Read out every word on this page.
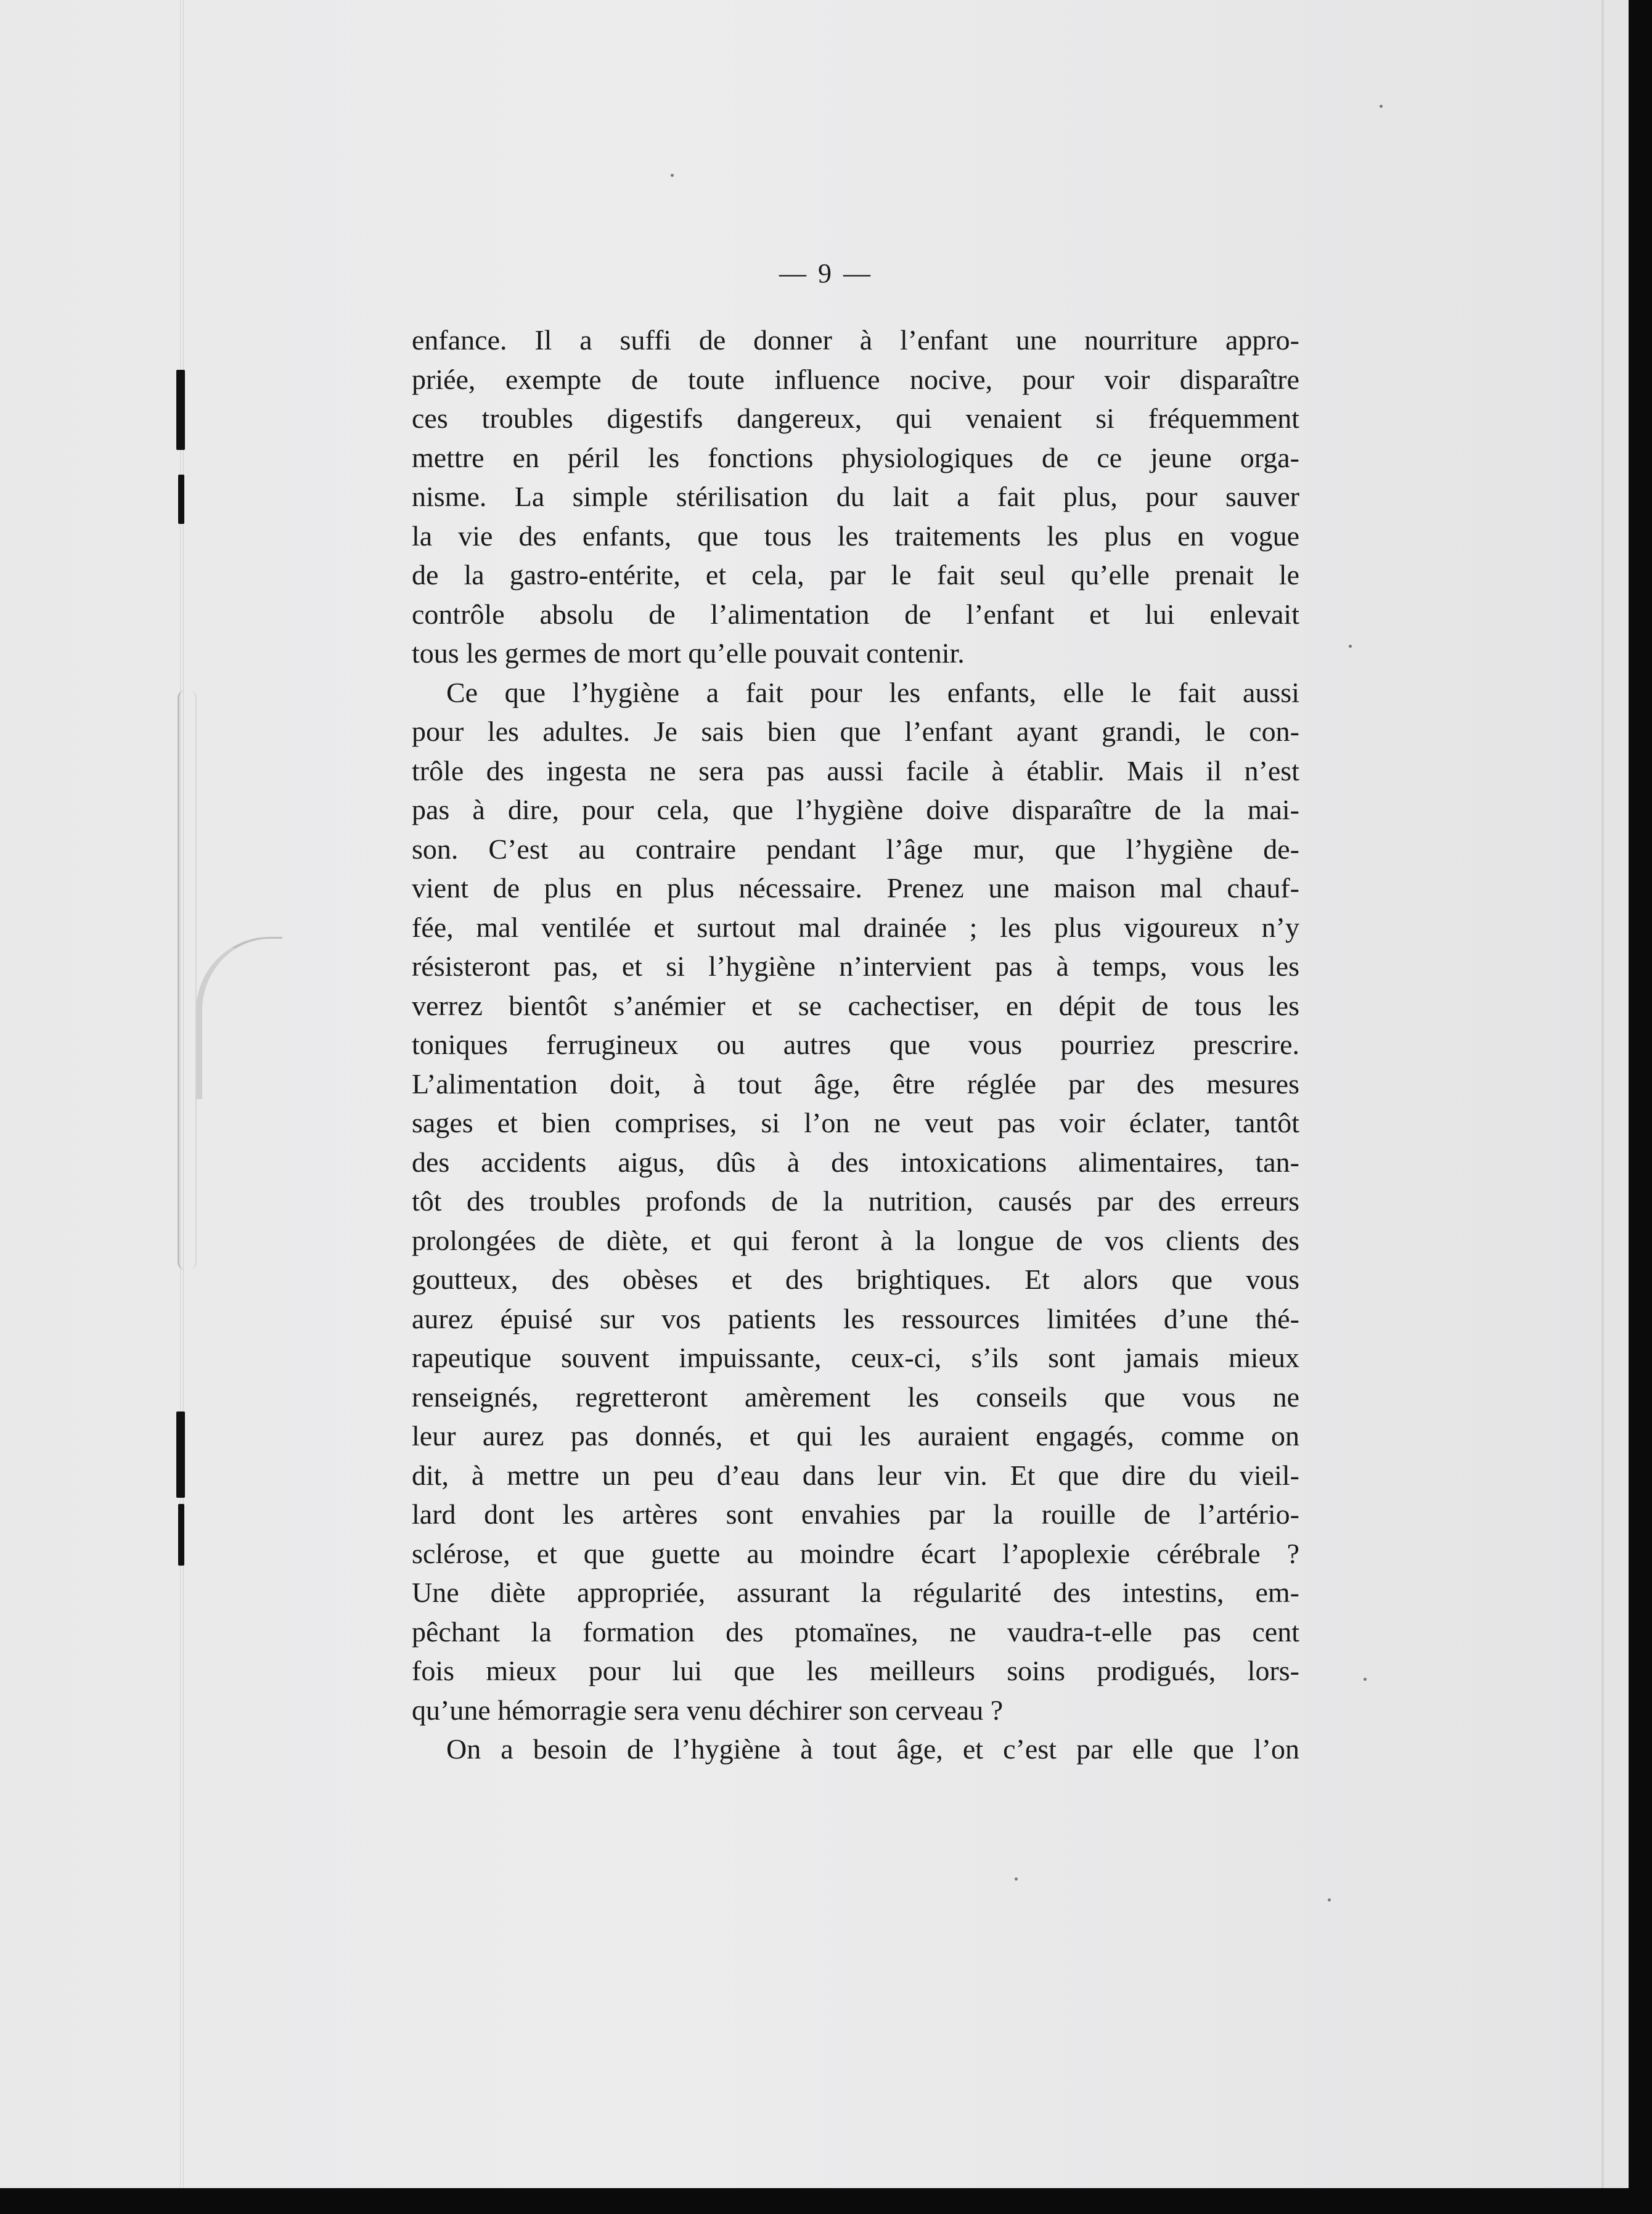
— 9 —
enfance. Il a suffi de donner à l’enfant une nourriture appro-
priée, exempte de toute influence nocive, pour voir disparaître
ces troubles digestifs dangereux, qui venaient si fréquemment
mettre en péril les fonctions physiologiques de ce jeune orga-
nisme. La simple stérilisation du lait a fait plus, pour sauver
la vie des enfants, que tous les traitements les plus en vogue
de la gastro-entérite, et cela, par le fait seul qu’elle prenait le
contrôle absolu de l’alimentation de l’enfant et lui enlevait
tous les germes de mort qu’elle pouvait contenir.
Ce que l’hygiène a fait pour les enfants, elle le fait aussi
pour les adultes. Je sais bien que l’enfant ayant grandi, le con-
trôle des ingesta ne sera pas aussi facile à établir. Mais il n’est
pas à dire, pour cela, que l’hygiène doive disparaître de la mai-
son. C’est au contraire pendant l’âge mur, que l’hygiène de-
vient de plus en plus nécessaire. Prenez une maison mal chauf-
fée, mal ventilée et surtout mal drainée ; les plus vigoureux n’y
résisteront pas, et si l’hygiène n’intervient pas à temps, vous les
verrez bientôt s’anémier et se cachectiser, en dépit de tous les
toniques ferrugineux ou autres que vous pourriez prescrire.
L’alimentation doit, à tout âge, être réglée par des mesures
sages et bien comprises, si l’on ne veut pas voir éclater, tantôt
des accidents aigus, dûs à des intoxications alimentaires, tan-
tôt des troubles profonds de la nutrition, causés par des erreurs
prolongées de diète, et qui feront à la longue de vos clients des
goutteux, des obèses et des brightiques. Et alors que vous
aurez épuisé sur vos patients les ressources limitées d’une thé-
rapeutique souvent impuissante, ceux-ci, s’ils sont jamais mieux
renseignés, regretteront amèrement les conseils que vous ne
leur aurez pas donnés, et qui les auraient engagés, comme on
dit, à mettre un peu d’eau dans leur vin. Et que dire du vieil-
lard dont les artères sont envahies par la rouille de l’artério-
sclérose, et que guette au moindre écart l’apoplexie cérébrale ?
Une diète appropriée, assurant la régularité des intestins, em-
pêchant la formation des ptomaïnes, ne vaudra-t-elle pas cent
fois mieux pour lui que les meilleurs soins prodigués, lors-
qu’une hémorragie sera venu déchirer son cerveau ?
On a besoin de l’hygiène à tout âge, et c’est par elle que l’on
